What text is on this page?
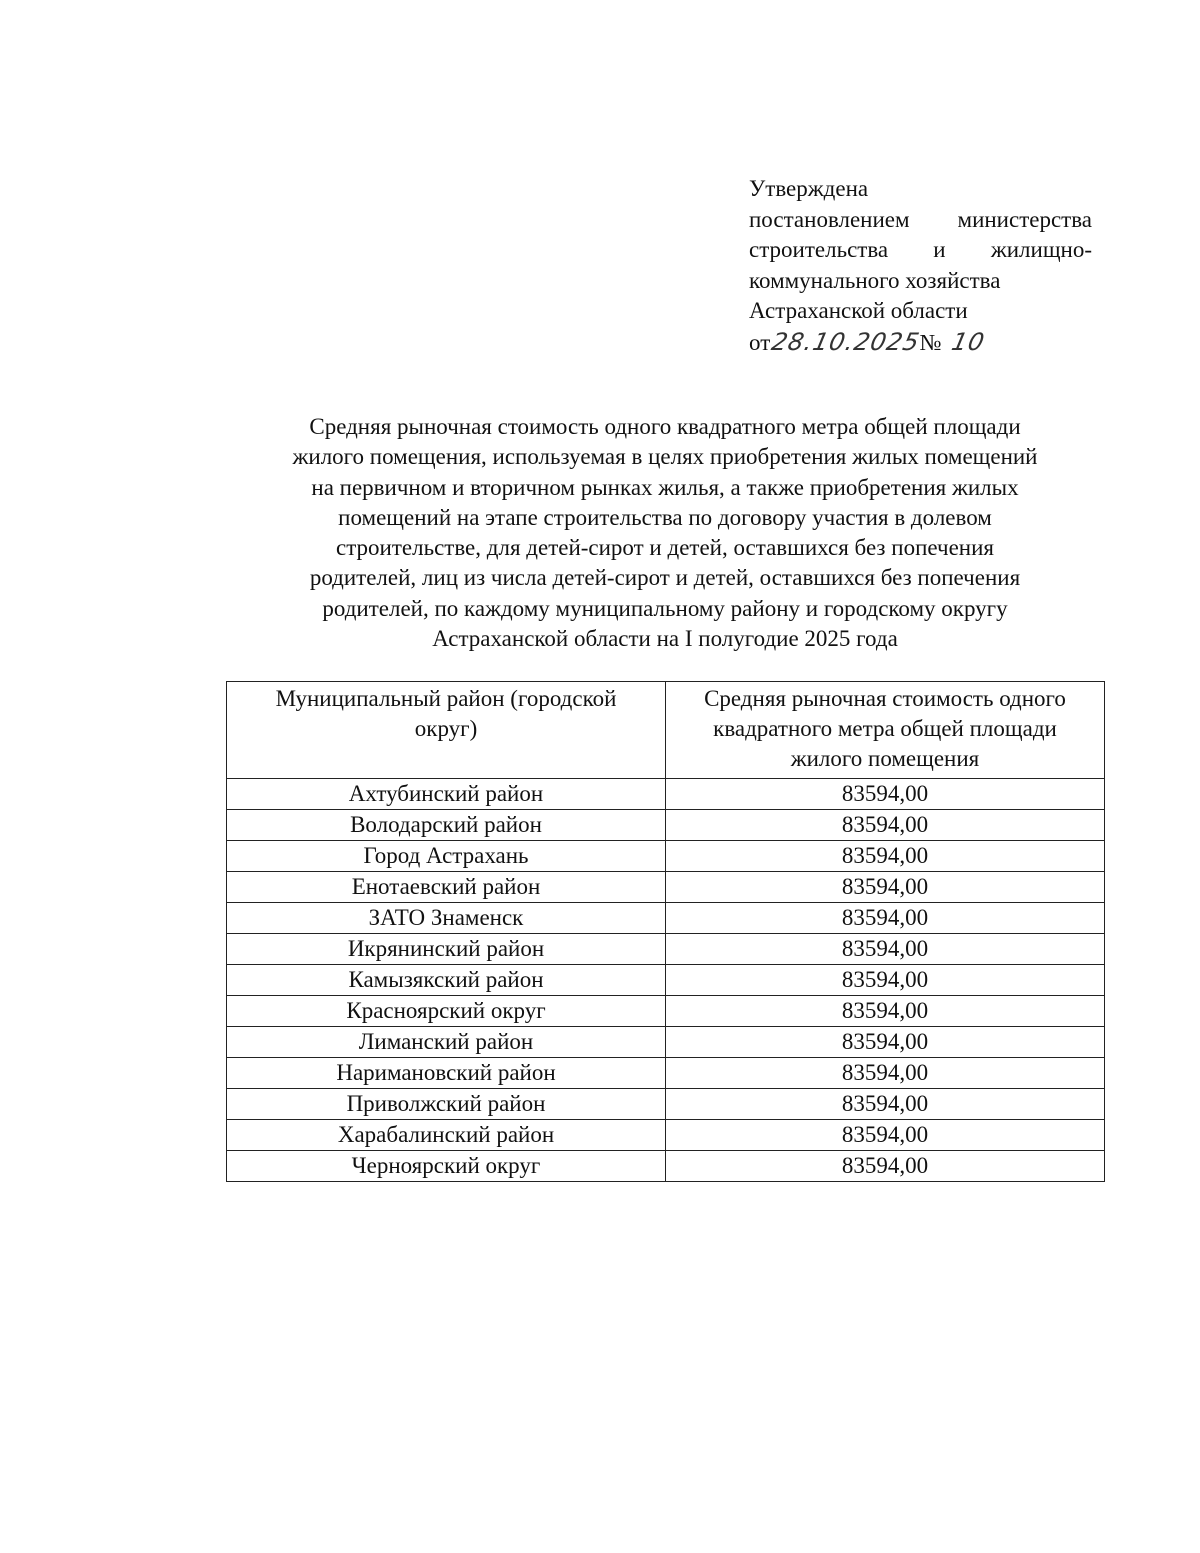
Утверждена
постановлением министерства
строительства и жилищно-
коммунального хозяйства
Астраханской области
от 28.10.2025
№ 10
Средняя рыночная стоимость одного квадратного метра общей площади
жилого помещения, используемая в целях приобретения жилых помещений
на первичном и вторичном рынках жилья, а также приобретения жилых
помещений на этапе строительства по договору участия в долевом
строительстве, для детей-сирот и детей, оставшихся без попечения
родителей, лиц из числа детей-сирот и детей, оставшихся без попечения
родителей, по каждому муниципальному району и городскому округу
Астраханской области на I полугодие 2025 года
Муниципальный район (городской
округ)	Средняя рыночная стоимость одного
квадратного метра общей площади
жилого помещения

Ахтубинский район	83594,00
Володарский район	83594,00
Город Астрахань	83594,00
Енотаевский район	83594,00
ЗАТО Знаменск	83594,00
Икрянинский район	83594,00
Камызякский район	83594,00
Красноярский округ	83594,00
Лиманский район	83594,00
Наримановский район	83594,00
Приволжский район	83594,00
Харабалинский район	83594,00
Черноярский округ	83594,00
